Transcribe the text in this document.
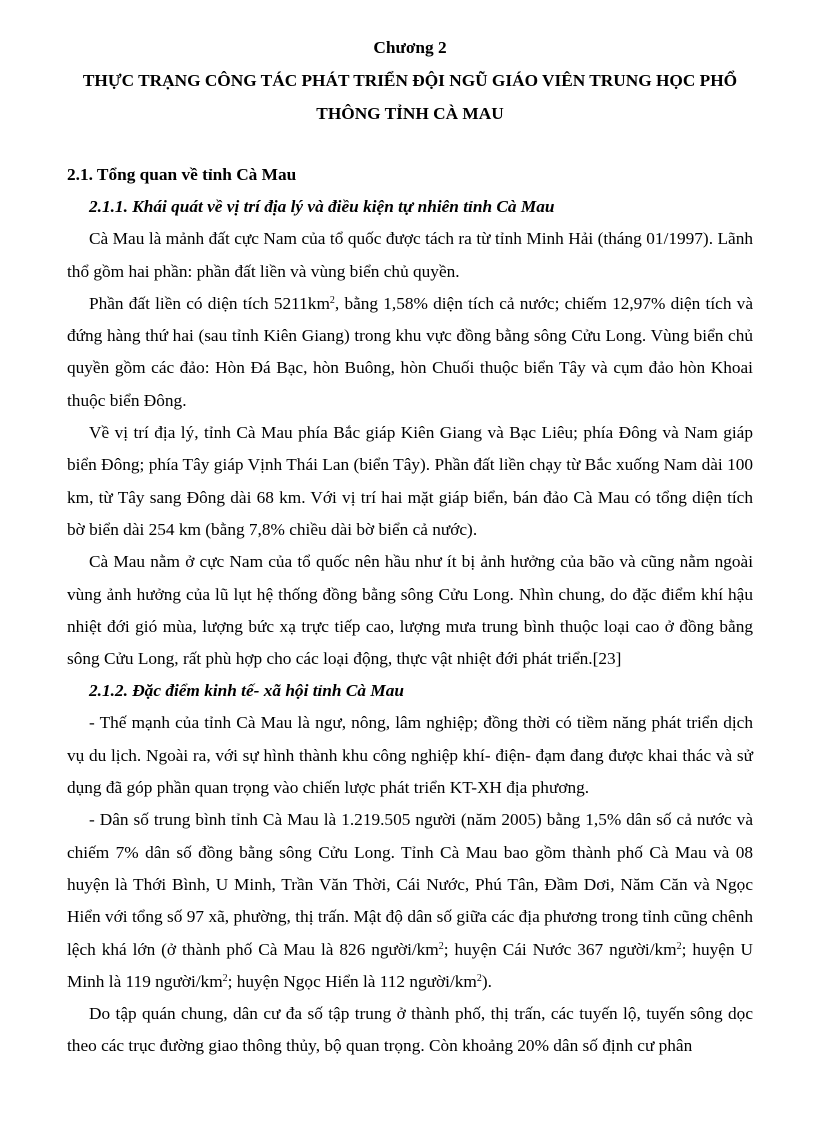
Chương 2

THỰC TRẠNG CÔNG TÁC PHÁT TRIỂN ĐỘI NGŨ GIÁO VIÊN TRUNG HỌC PHỔ
THÔNG TỈNH CÀ MAU

2.1. Tổng quan về tỉnh Cà Mau

2.1.1. Khái quát về vị trí địa lý và điều kiện tự nhiên tỉnh Cà Mau

Cà Mau là mảnh đất cực Nam của tổ quốc được tách ra từ tỉnh Minh Hải (tháng 01/1997). Lãnh thổ gồm hai phần: phần đất liền và vùng biển chủ quyền.

Phần đất liền có diện tích $5211km^2$, bằng 1,58% diện tích cả nước; chiếm 12,97% diện tích và đứng hàng thứ hai (sau tỉnh Kiên Giang) trong khu vực đồng bằng sông Cửu Long. Vùng biển chủ quyền gồm các đảo: Hòn Đá Bạc, hòn Buông, hòn Chuối thuộc biển Tây và cụm đảo hòn Khoai thuộc biển Đông.

Về vị trí địa lý, tỉnh Cà Mau phía Bắc giáp Kiên Giang và Bạc Liêu; phía Đông và Nam giáp biển Đông; phía Tây giáp Vịnh Thái Lan (biển Tây). Phần đất liền chạy từ Bắc xuống Nam dài 100 km, từ Tây sang Đông dài 68 km. Với vị trí hai mặt giáp biển, bán đảo Cà Mau có tổng diện tích bờ biển dài 254 km (bằng 7,8% chiều dài bờ biển cả nước).

Cà Mau nằm ở cực Nam của tổ quốc nên hầu như ít bị ảnh hưởng của bão và cũng nằm ngoài vùng ảnh hưởng của lũ lụt hệ thống đồng bằng sông Cửu Long. Nhìn chung, do đặc điểm khí hậu nhiệt đới gió mùa, lượng bức xạ trực tiếp cao, lượng mưa trung bình thuộc loại cao ở đồng bằng sông Cửu Long, rất phù hợp cho các loại động, thực vật nhiệt đới phát triển.[23]

2.1.2. Đặc điểm kinh tế- xã hội tỉnh Cà Mau

- Thế mạnh của tỉnh Cà Mau là ngư, nông, lâm nghiệp; đồng thời có tiềm năng phát triển dịch vụ du lịch. Ngoài ra, với sự hình thành khu công nghiệp khí- điện- đạm đang được khai thác và sử dụng đã góp phần quan trọng vào chiến lược phát triển KT-XH địa phương.

- Dân số trung bình tỉnh Cà Mau là 1.219.505 người (năm 2005) bằng 1,5% dân số cả nước và chiếm 7% dân số đồng bằng sông Cửu Long. Tỉnh Cà Mau bao gồm thành phố Cà Mau và 08 huyện là Thới Bình, U Minh, Trần Văn Thời, Cái Nước, Phú Tân, Đầm Dơi, Năm Căn và Ngọc Hiển với tổng số 97 xã, phường, thị trấn. Mật độ dân số giữa các địa phương trong tỉnh cũng chênh lệch khá lớn (ở thành phố Cà Mau là 826 người/$km^2$; huyện Cái Nước 367 người/$km^2$; huyện U Minh là 119 người/$km^2$; huyện Ngọc Hiển là 112 người/$km^2$).

Do tập quán chung, dân cư đa số tập trung ở thành phố, thị trấn, các tuyến lộ, tuyến sông dọc theo các trục đường giao thông thủy, bộ quan trọng. Còn khoảng 20% dân số định cư phân
